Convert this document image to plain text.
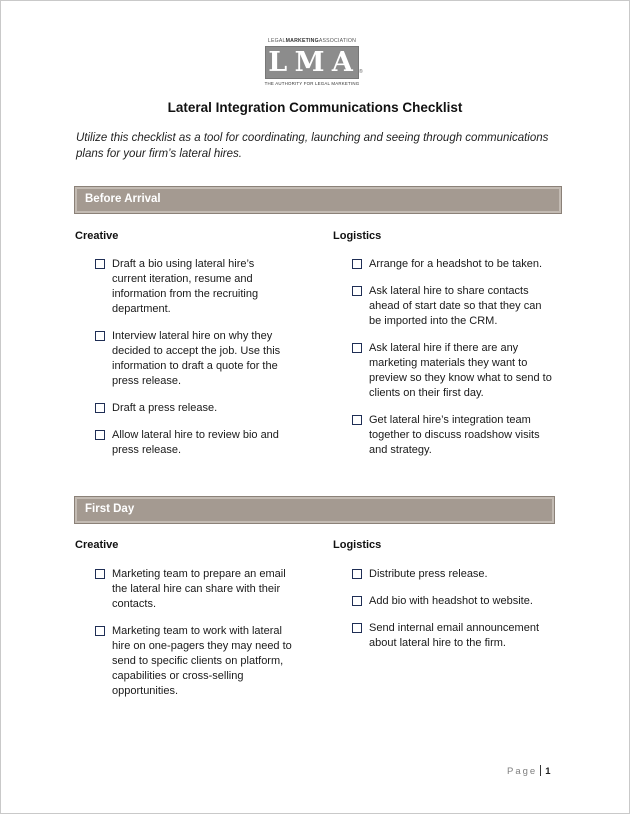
LEGALMARKETINGASSOCIATION
L M A ®
THE AUTHORITY FOR LEGAL MARKETING
Lateral Integration Communications Checklist
Utilize this checklist as a tool for coordinating, launching and seeing through communications plans for your firm’s lateral hires.
Before Arrival
Creative	Logistics
Draft a bio using lateral hire’s current iteration, resume and information from the recruiting department.
Interview lateral hire on why they decided to accept the job. Use this information to draft a quote for the press release.
Draft a press release.
Allow lateral hire to review bio and press release.
Arrange for a headshot to be taken.
Ask lateral hire to share contacts ahead of start date so that they can be imported into the CRM.
Ask lateral hire if there are any marketing materials they want to preview so they know what to send to clients on their first day.
Get lateral hire’s integration team together to discuss roadshow visits and strategy.
First Day
Creative	Logistics
Marketing team to prepare an email the lateral hire can share with their contacts.
Marketing team to work with lateral hire on one-pagers they may need to send to specific clients on platform, capabilities or cross-selling opportunities.
Distribute press release.
Add bio with headshot to website.
Send internal email announcement about lateral hire to the firm.
Page 1
